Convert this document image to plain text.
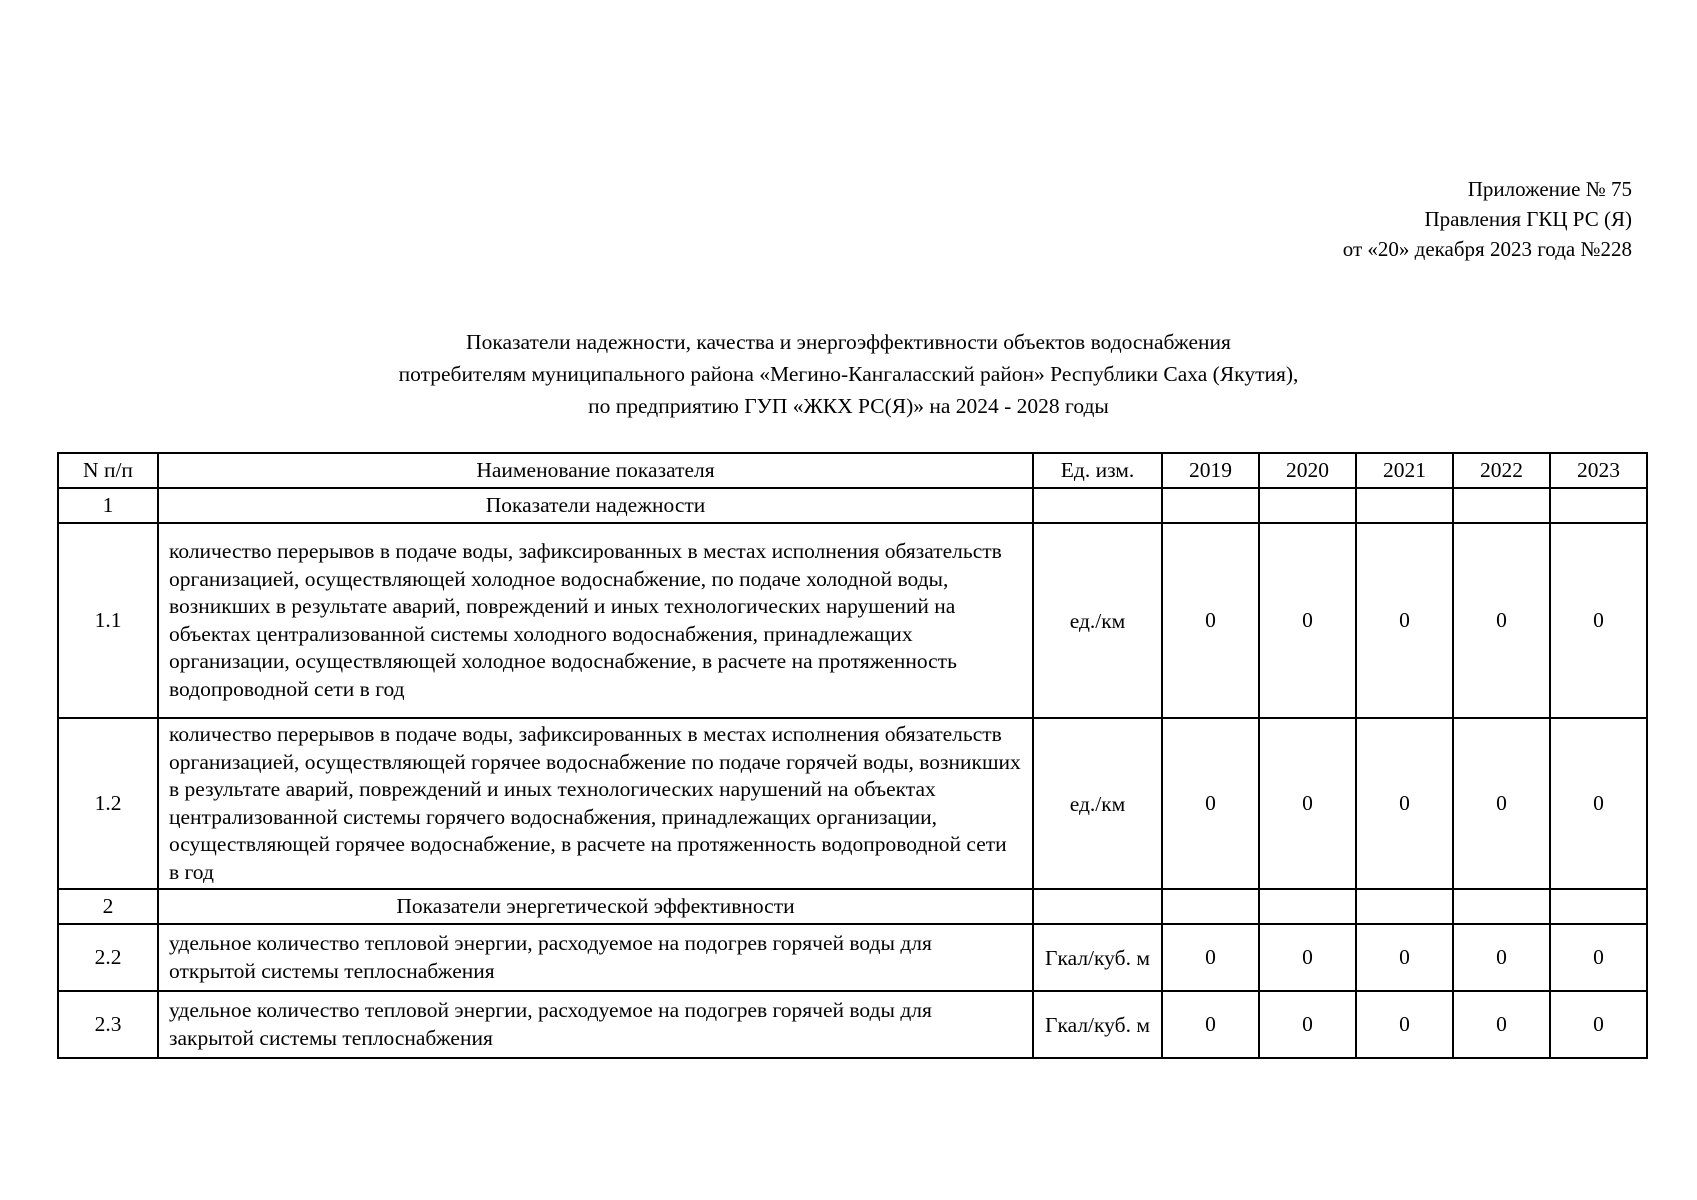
Приложение № 75
Правления ГКЦ РС (Я)
от «20» декабря 2023 года №228
Показатели надежности, качества и энергоэффективности объектов водоснабжения
потребителям муниципального района «Мегино-Кангаласский район» Республики Саха (Якутия),
по предприятию ГУП «ЖКХ РС(Я)» на 2024 - 2028 годы
N п/п	Наименование показателя	Ед. изм.	2019	2020	2021	2022	2023
1	Показатели надежности						
1.1	количество перерывов в подаче воды, зафиксированных в местах исполнения обязательств организацией, осуществляющей холодное водоснабжение, по подаче холодной воды, возникших в результате аварий, повреждений и иных технологических нарушений на объектах централизованной системы холодного водоснабжения, принадлежащих организации, осуществляющей холодное водоснабжение, в расчете на протяженность водопроводной сети в год	ед./км	0	0	0	0	0
1.2	количество перерывов в подаче воды, зафиксированных в местах исполнения обязательств организацией, осуществляющей горячее водоснабжение по подаче горячей воды, возникших в результате аварий, повреждений и иных технологических нарушений на объектах централизованной системы горячего водоснабжения, принадлежащих организации, осуществляющей горячее водоснабжение, в расчете на протяженность водопроводной сети в год	ед./км	0	0	0	0	0
2	Показатели энергетической эффективности						
2.2	удельное количество тепловой энергии, расходуемое на подогрев горячей воды для открытой системы теплоснабжения	Гкал/куб. м	0	0	0	0	0
2.3	удельное количество тепловой энергии, расходуемое на подогрев горячей воды для закрытой системы теплоснабжения	Гкал/куб. м	0	0	0	0	0
